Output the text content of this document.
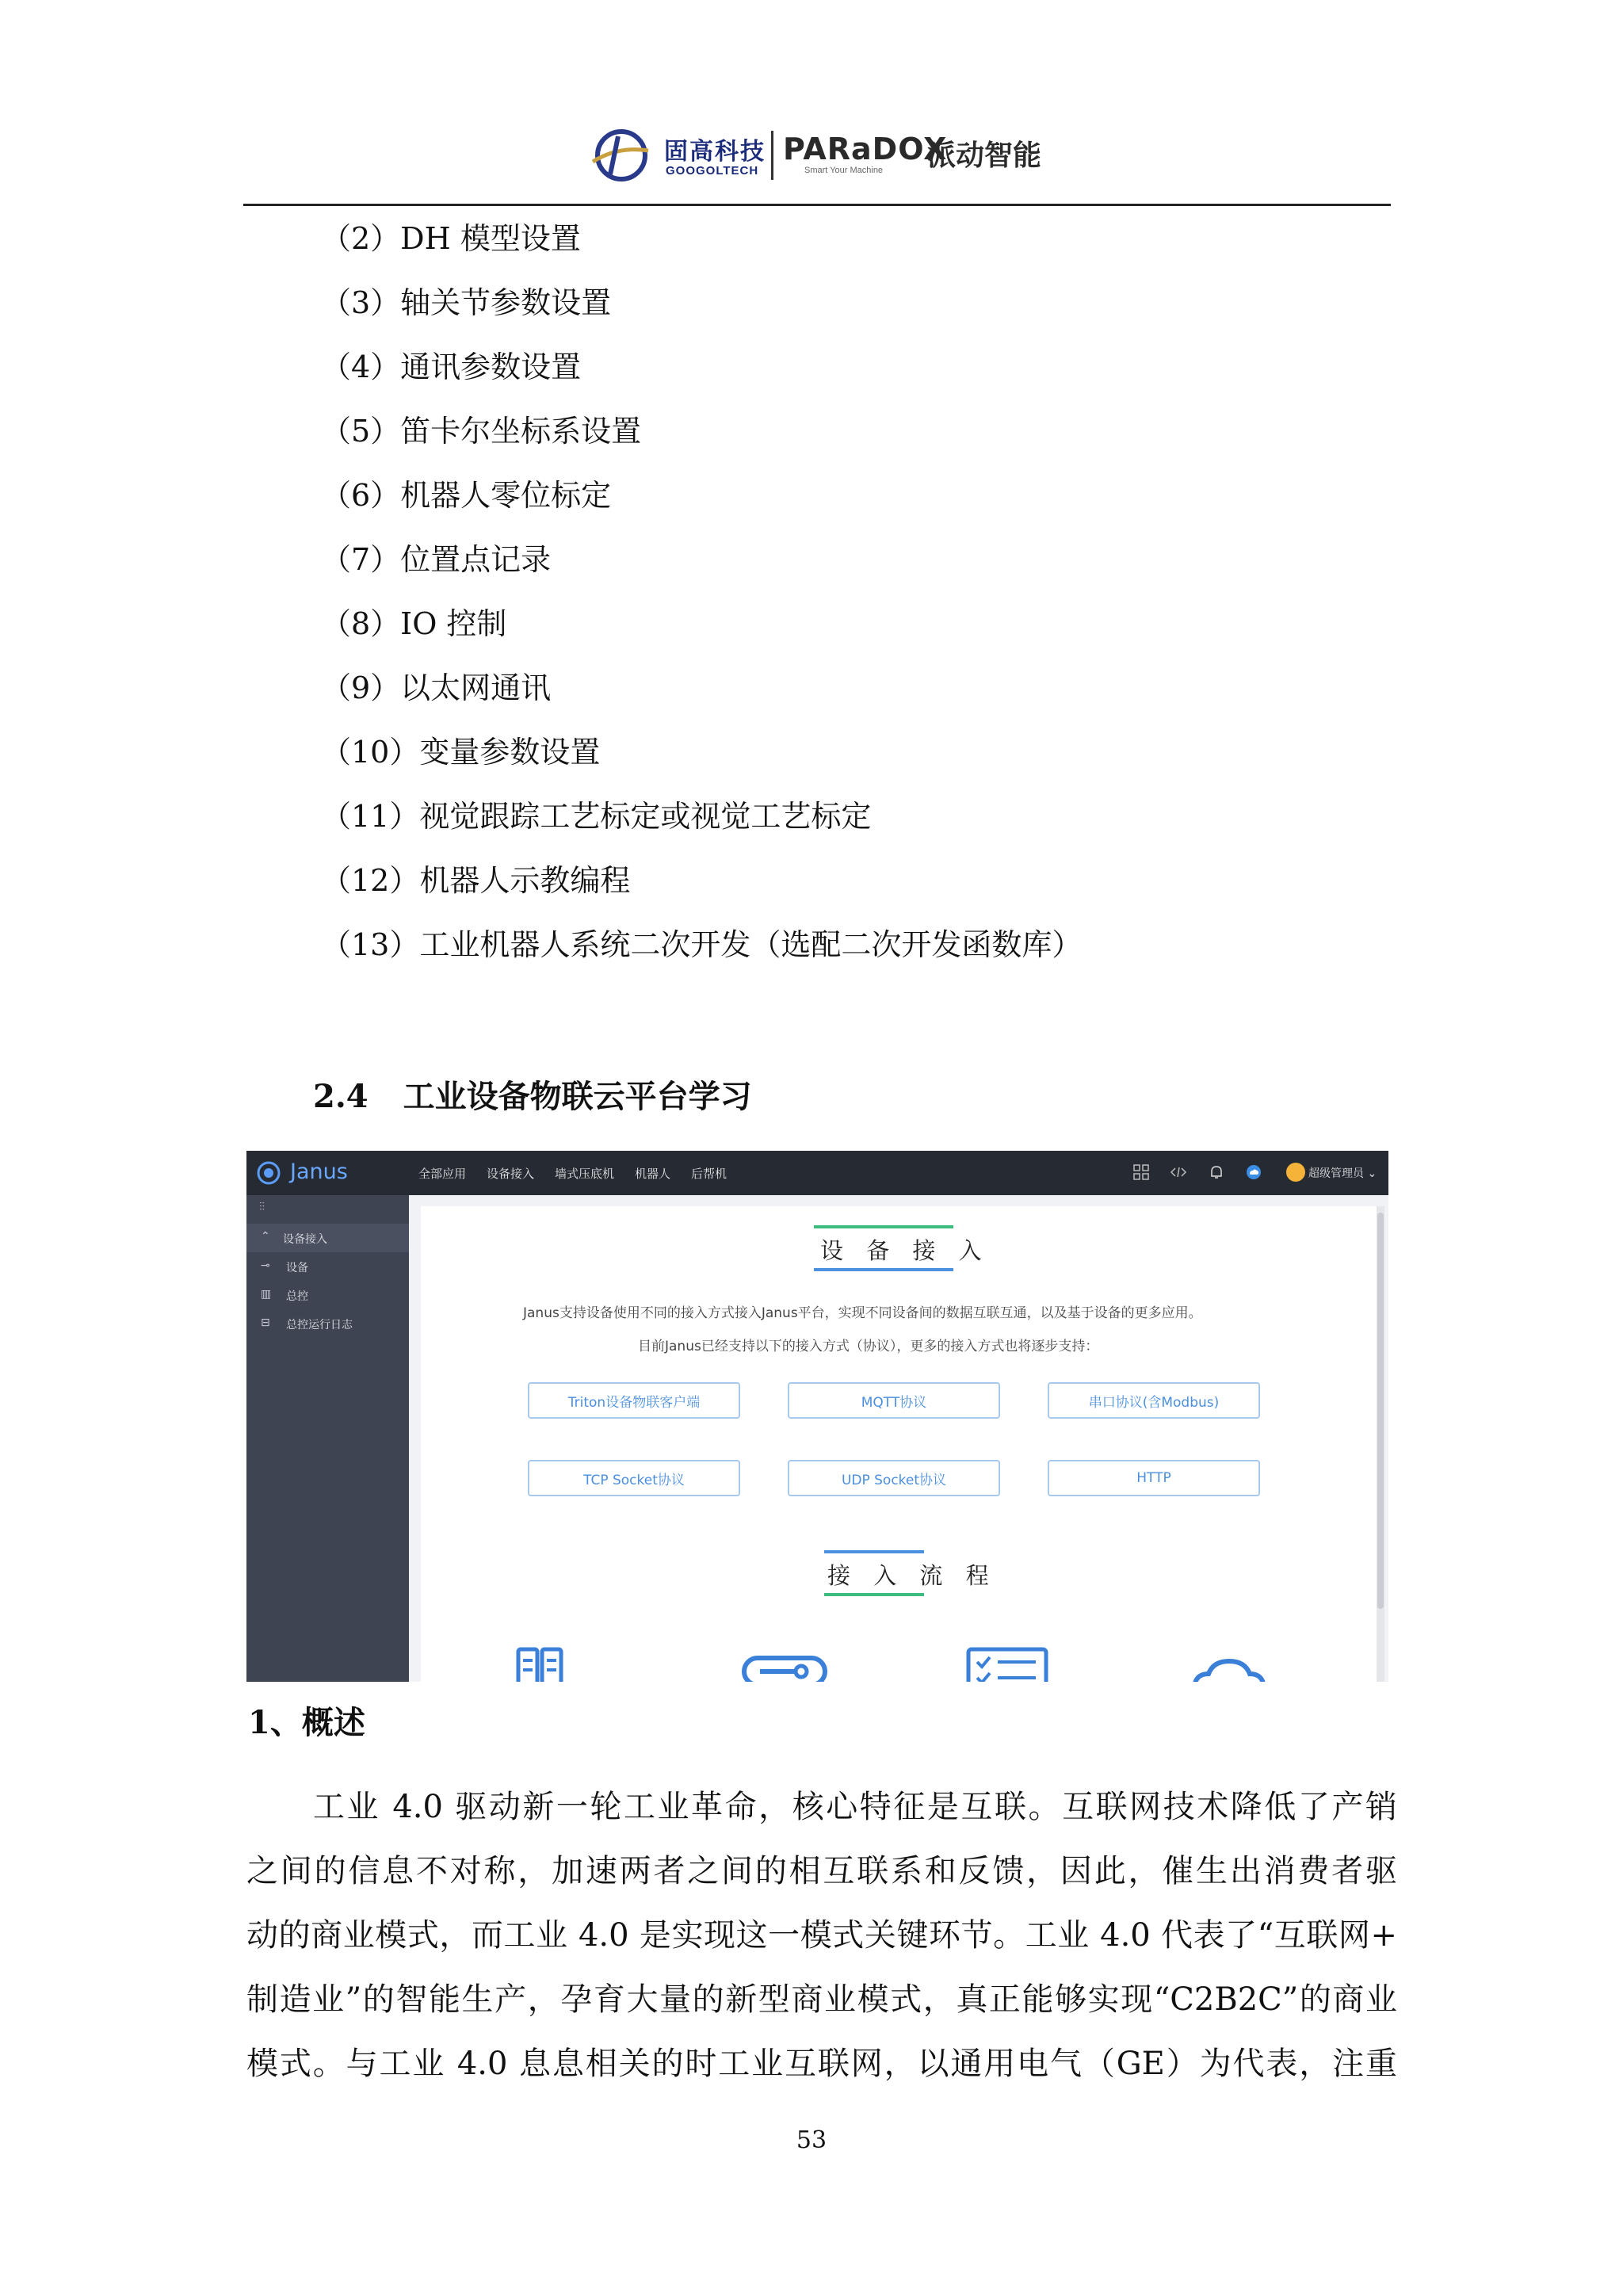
固高科技
GOOGOLTECH
PARaDOX
Smart Your Machine 派动智能
（2）DH 模型设置
（3）轴关节参数设置
（4）通讯参数设置
（5）笛卡尔坐标系设置
（6）机器人零位标定
（7）位置点记录
（8）IO 控制
（9）以太网通讯
（10）变量参数设置
（11）视觉跟踪工艺标定或视觉工艺标定
（12）机器人示教编程
（13）工业机器人系统二次开发（选配二次开发函数库）
2.4 工业设备物联云平台学习
Janus	全部应用 设备接入 墙式压底机 机器人 后帮机	超级管理员 ⌄
⫶⫶
⌃ 设备接入
⊸ 设备
▥ 总控
⊟ 总控运行日志
设 备 接 入
Janus支持设备使用不同的接入方式接入Janus平台，实现不同设备间的数据互联互通，以及基于设备的更多应用。
目前Janus已经支持以下的接入方式（协议），更多的接入方式也将逐步支持：
Triton设备物联客户端	MQTT协议	串口协议(含Modbus)
TCP Socket协议	UDP Socket协议	HTTP
接 入 流 程
1、概述
工业 4.0 驱动新一轮工业革命，核心特征是互联。互联网技术降低了产销
之间的信息不对称，加速两者之间的相互联系和反馈，因此，催生出消费者驱
动的商业模式，而工业 4.0 是实现这一模式关键环节。工业 4.0 代表了“互联网+
制造业”的智能生产，孕育大量的新型商业模式，真正能够实现“C2B2C”的商业
模式。与工业 4.0 息息相关的时工业互联网，以通用电气（GE）为代表，注重
53
